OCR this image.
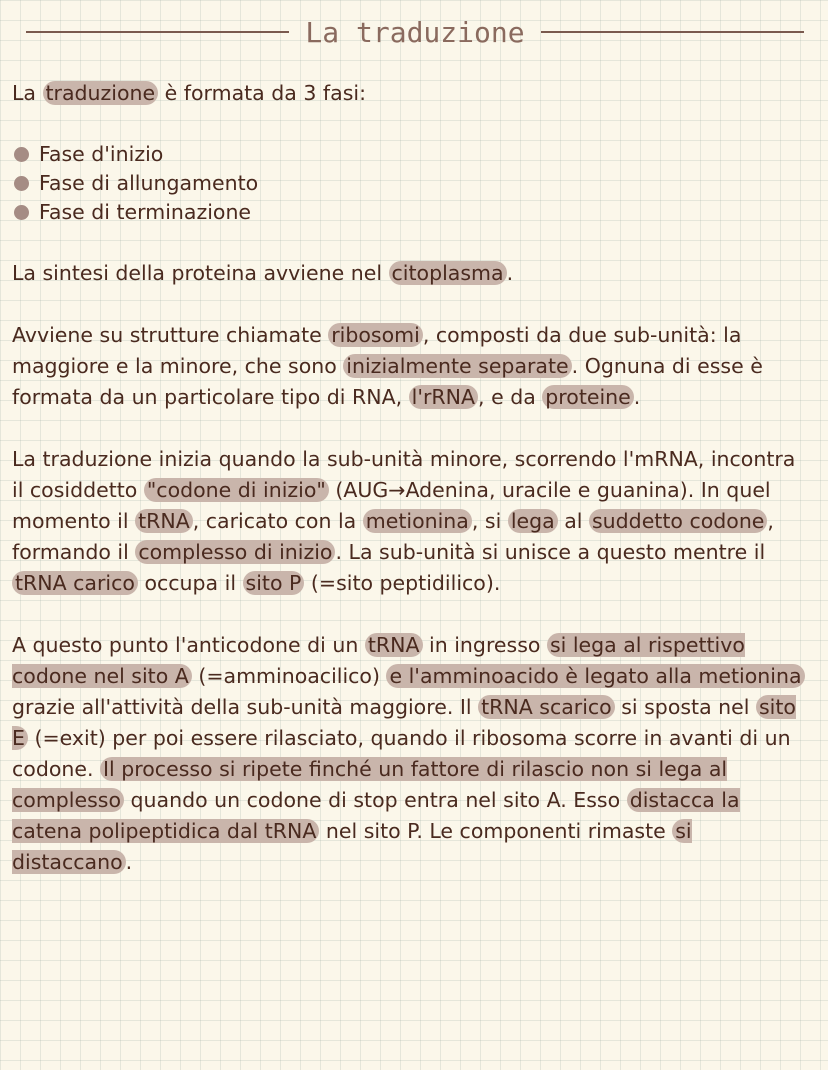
La traduzione

La traduzione è formata da 3 fasi:

Fase d'inizio
Fase di allungamento
Fase di terminazione

La sintesi della proteina avviene nel citoplasma .

Avviene su strutture chiamate ribosomi , composti da due sub-unità: la maggiore e la minore, che sono inizialmente separate . Ognuna di esse è formata da un particolare tipo di RNA, l'rRNA , e da proteine .

La traduzione inizia quando la sub-unità minore, scorrendo l'mRNA, incontra il cosiddetto "codone di inizio" (AUG→Adenina, uracile e guanina). In quel momento il tRNA , caricato con la metionina , si lega al suddetto codone , formando il complesso di inizio . La sub-unità si unisce a questo mentre il tRNA carico occupa il sito P (=sito peptidilico).

A questo punto l'anticodone di un tRNA in ingresso si lega al rispettivo codone nel sito A (=amminoacilico) e l'amminoacido è legato alla metionina grazie all'attività della sub-unità maggiore. Il tRNA scarico si sposta nel sito E (=exit) per poi essere rilasciato, quando il ribosoma scorre in avanti di un codone. Il processo si ripete finché un fattore di rilascio non si lega al complesso quando un codone di stop entra nel sito A. Esso distacca la catena polipeptidica dal tRNA nel sito P. Le componenti rimaste si distaccano .
